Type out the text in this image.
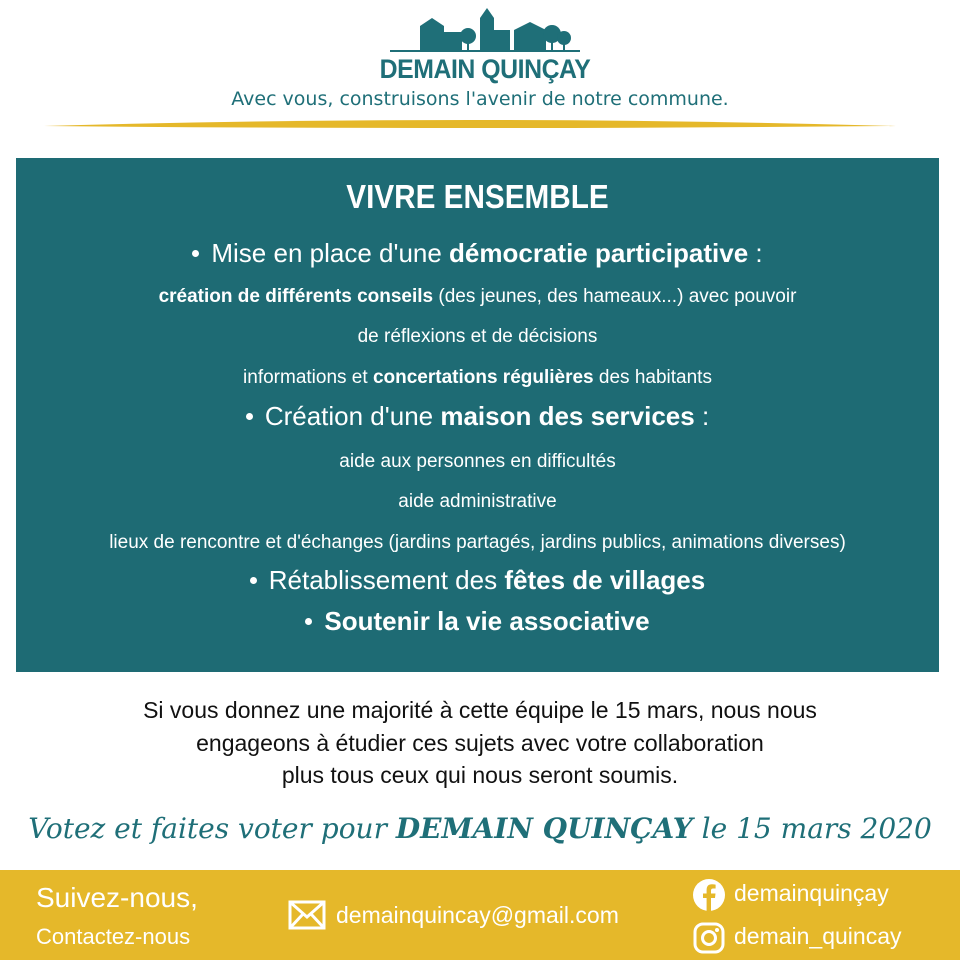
DEMAIN QUINÇAY
Avec vous, construisons l'avenir de notre commune.
VIVRE ENSEMBLE
Mise en place d'une démocratie participative :
création de différents conseils (des jeunes, des hameaux...) avec pouvoir
de réflexions et de décisions
informations et concertations régulières des habitants
Création d'une maison des services :
aide aux personnes en difficultés
aide administrative
lieux de rencontre et d'échanges (jardins partagés, jardins publics, animations diverses)
Rétablissement des fêtes de villages
Soutenir la vie associative
Si vous donnez une majorité à cette équipe le 15 mars, nous nous
engageons à étudier ces sujets avec votre collaboration
plus tous ceux qui nous seront soumis.
Votez et faites voter pour DEMAIN QUINÇAY le 15 mars 2020
Suivez-nous,
Contactez-nous
demainquincay@gmail.com
demainquinçay
demain_quincay
